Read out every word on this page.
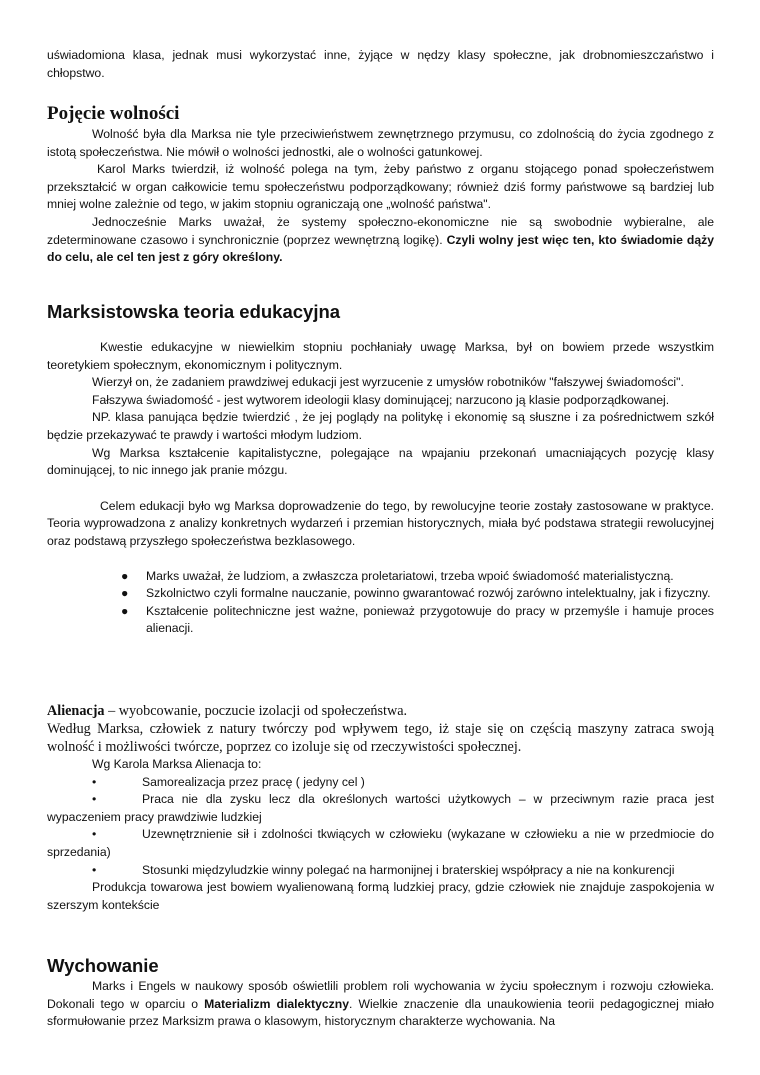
uświadomiona klasa, jednak musi wykorzystać inne, żyjące w nędzy klasy społeczne, jak drobnomieszczaństwo i chłopstwo.

Pojęcie wolności

Wolność była dla Marksa nie tyle przeciwieństwem zewnętrznego przymusu, co zdolnością do życia zgodnego z istotą społeczeństwa. Nie mówił o wolności jednostki, ale o wolności gatunkowej.

Karol Marks twierdził, iż wolność polega na tym, żeby państwo z organu stojącego ponad społeczeństwem przekształcić w organ całkowicie temu społeczeństwu podporządkowany; również dziś formy państwowe są bardziej lub mniej wolne zależnie od tego, w jakim stopniu ograniczają one „wolność państwa".

Jednocześnie Marks uważał, że systemy społeczno-ekonomiczne nie są swobodnie wybieralne, ale zdeterminowane czasowo i synchronicznie (poprzez wewnętrzną logikę). Czyli wolny jest więc ten, kto świadomie dąży do celu, ale cel ten jest z góry określony.

Marksistowska teoria edukacyjna

Kwestie edukacyjne w niewielkim stopniu pochłaniały uwagę Marksa, był on bowiem przede wszystkim teoretykiem społecznym, ekonomicznym i politycznym.

Wierzył on, że zadaniem prawdziwej edukacji jest wyrzucenie z umysłów robotników "fałszywej świadomości".

Fałszywa świadomość - jest wytworem ideologii klasy dominującej; narzucono ją klasie podporządkowanej.

NP. klasa panująca będzie twierdzić , że jej poglądy na politykę i ekonomię są słuszne i za pośrednictwem szkół będzie przekazywać te prawdy i wartości młodym ludziom.

Wg Marksa kształcenie kapitalistyczne, polegające na wpajaniu przekonań umacniających pozycję klasy dominującej, to nic innego jak pranie mózgu.

Celem edukacji było wg Marksa doprowadzenie do tego, by rewolucyjne teorie zostały zastosowane w praktyce. Teoria wyprowadzona z analizy konkretnych wydarzeń i przemian historycznych, miała być podstawa strategii rewolucyjnej oraz podstawą przyszłego społeczeństwa bezklasowego.

● Marks uważał, że ludziom, a zwłaszcza proletariatowi, trzeba wpoić świadomość materialistyczną.
● Szkolnictwo czyli formalne nauczanie, powinno gwarantować rozwój zarówno intelektualny, jak i fizyczny.
● Kształcenie politechniczne jest ważne, ponieważ przygotowuje do pracy w przemyśle i hamuje proces alienacji.

Alienacja – wyobcowanie, poczucie izolacji od społeczeństwa.

Według Marksa, człowiek z natury twórczy pod wpływem tego, iż staje się on częścią maszyny zatraca swoją wolność i możliwości twórcze, poprzez co izoluje się od rzeczywistości społecznej.

Wg Karola Marksa Alienacja to:

•	Samorealizacja przez pracę ( jedyny cel )

•	Praca nie dla zysku lecz dla określonych wartości użytkowych – w przeciwnym razie praca jest wypaczeniem pracy prawdziwie ludzkiej

•	Uzewnętrznienie sił i zdolności tkwiących w człowieku (wykazane w człowieku a nie w przedmiocie do sprzedania)

•	Stosunki międzyludzkie winny polegać na harmonijnej i braterskiej współpracy a nie na konkurencji

Produkcja towarowa jest bowiem wyalienowaną formą ludzkiej pracy, gdzie człowiek nie znajduje zaspokojenia w szerszym kontekście

Wychowanie

Marks i Engels w naukowy sposób oświetlili problem roli wychowania w życiu społecznym i rozwoju człowieka. Dokonali tego w oparciu o Materializm dialektyczny. Wielkie znaczenie dla unaukowienia teorii pedagogicznej miało sformułowanie przez Marksizm prawa o klasowym, historycznym charakterze wychowania. Na
